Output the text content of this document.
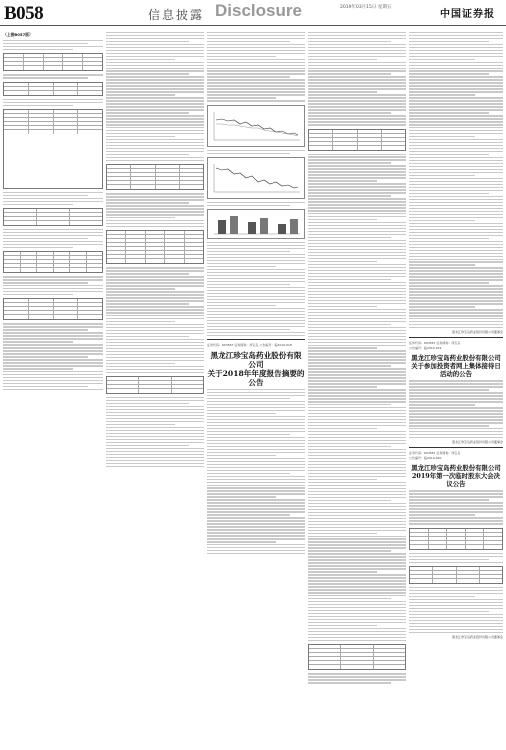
B058	信息披露 Disclosure	2019年03月15日 星期五
中国证券报
（上接B057版）
证券代码：603567 证券简称：珍宝岛 公告编号：临2019-018
黑龙江珍宝岛药业股份有限公司
关于2018年年度报告摘要的公告
黑龙江珍宝岛药业股份有限公司董事会
证券代码：603567 证券简称：珍宝岛
公告编号：临2019-019
黑龙江珍宝岛药业股份有限公司
关于参加投资者网上集体接待日活动的公告
黑龙江珍宝岛药业股份有限公司董事会
证券代码：603567 证券简称：珍宝岛
公告编号：临2019-020
黑龙江珍宝岛药业股份有限公司
2019年第一次临时股东大会决议公告
黑龙江珍宝岛药业股份有限公司董事会
